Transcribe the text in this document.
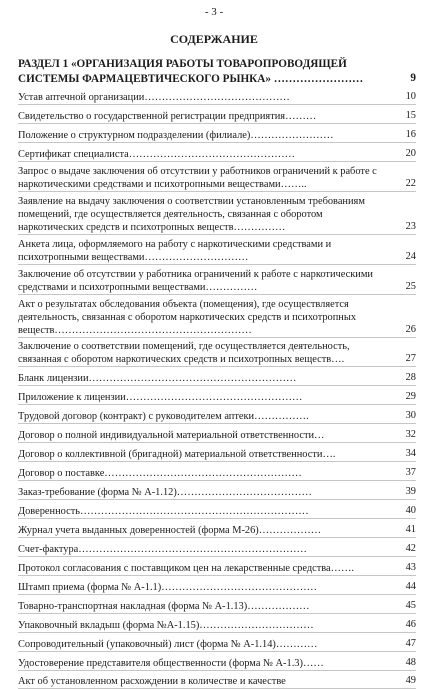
- 3 -
СОДЕРЖАНИЕ
РАЗДЕЛ 1 «ОРГАНИЗАЦИЯ РАБОТЫ ТОВАРОПРОВОДЯЩЕЙ СИСТЕМЫ ФАРМАЦЕВТИЧЕСКОГО РЫНКА» ……………………	9
Устав аптечной организации……………………………………	10
Свидетельство о государственной регистрации предприятия………	15
Положение о структурном подразделении (филиале)……………………	16
Сертификат специалиста…………………………………………	20
Запрос о выдаче заключения об отсутствии у работников ограничений к работе с наркотическими средствами и психотропными веществами……..	22
Заявление на выдачу заключения о соответствии установленным требованиям помещений, где осуществляется деятельность, связанная с оборотом наркотических средств и психотропных веществ……………	23
Анкета лица, оформляемого на работу с наркотическими средствами и психотропными веществами…………………………	24
Заключение об отсутствии у работника ограничений к работе с наркотическими средствами и психотропными веществами……………	25
Акт о результатах обследования объекта (помещения), где осуществляется деятельность, связанная с оборотом наркотических средств и психотропных веществ…………………………………………………	26
Заключение о соответствии помещений, где осуществляется деятельность, связанная с оборотом наркотических средств и психотропных веществ….	27
Бланк лицензии……………………………………………………	28
Приложение к лицензии……………………………………………	29
Трудовой договор (контракт) с руководителем аптеки…………….	30
Договор о полной индивидуальной материальной ответственности…	32
Договор о коллективной (бригадной) материальной ответственности….	34
Договор о поставке…………………………………………………	37
Заказ-требование (форма № А-1.12)…………………………………	39
Доверенность…………………………………………………………	40
Журнал учета выданных доверенностей (форма М-26)………………	41
Счет-фактура…………………………………………………………	42
Протокол согласования с поставщиком цен на лекарственные средства…….	43
Штамп приема (форма № А-1.1)………………………………………	44
Товарно-транспортная накладная (форма № А-1.13)………………	45
Упаковочный вкладыш (форма №А-1.15)……………………………	46
Сопроводительный (упаковочный) лист (форма № А-1.14)…………	47
Удостоверение представителя общественности (форма № А-1.3)……	48
Акт об установленном расхождении в количестве и качестве	49
